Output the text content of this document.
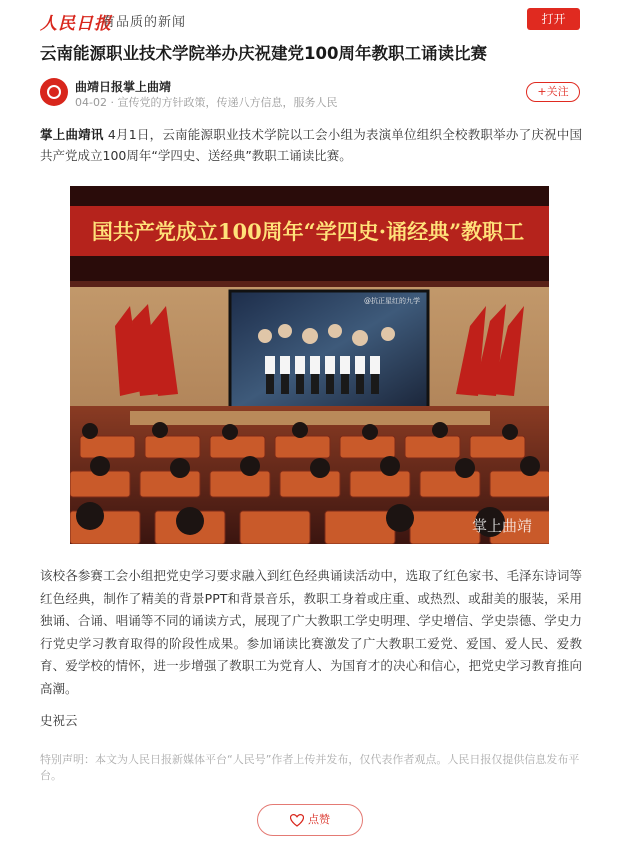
人民日报
有品质的新闻	打开
云南能源职业技术学院举办庆祝建党100周年教职工诵读比赛
曲靖日报掌上曲靖
04-02 · 宣传党的方针政策，传递八方信息，服务人民
+关注
掌上曲靖讯 4月1日，云南能源职业技术学院以工会小组为表演单位组织全校教职举办了庆祝中国共产党成立100周年“学四史、送经典”教职工诵读比赛。
国共产党成立100周年“学四史·诵经典”教职工
@抗正星红的九学
掌上曲靖
该校各参赛工会小组把党史学习要求融入到红色经典诵读活动中，选取了红色家书、毛泽东诗词等红色经典，制作了精美的背景PPT和背景音乐，教职工身着或庄重、或热烈、或甜美的服装，采用独诵、合诵、唱诵等不同的诵读方式，展现了广大教职工学史明理、学史增信、学史崇德、学史力行党史学习教育取得的阶段性成果。参加诵读比赛激发了广大教职工爱党、爱国、爱人民、爱教育、爱学校的情怀，进一步增强了教职工为党育人、为国育才的决心和信心，把党史学习教育推向高潮。
史祝云
特别声明：本文为人民日报新媒体平台“人民号”作者上传并发布，仅代表作者观点。人民日报仅提供信息发布平台。
点赞
